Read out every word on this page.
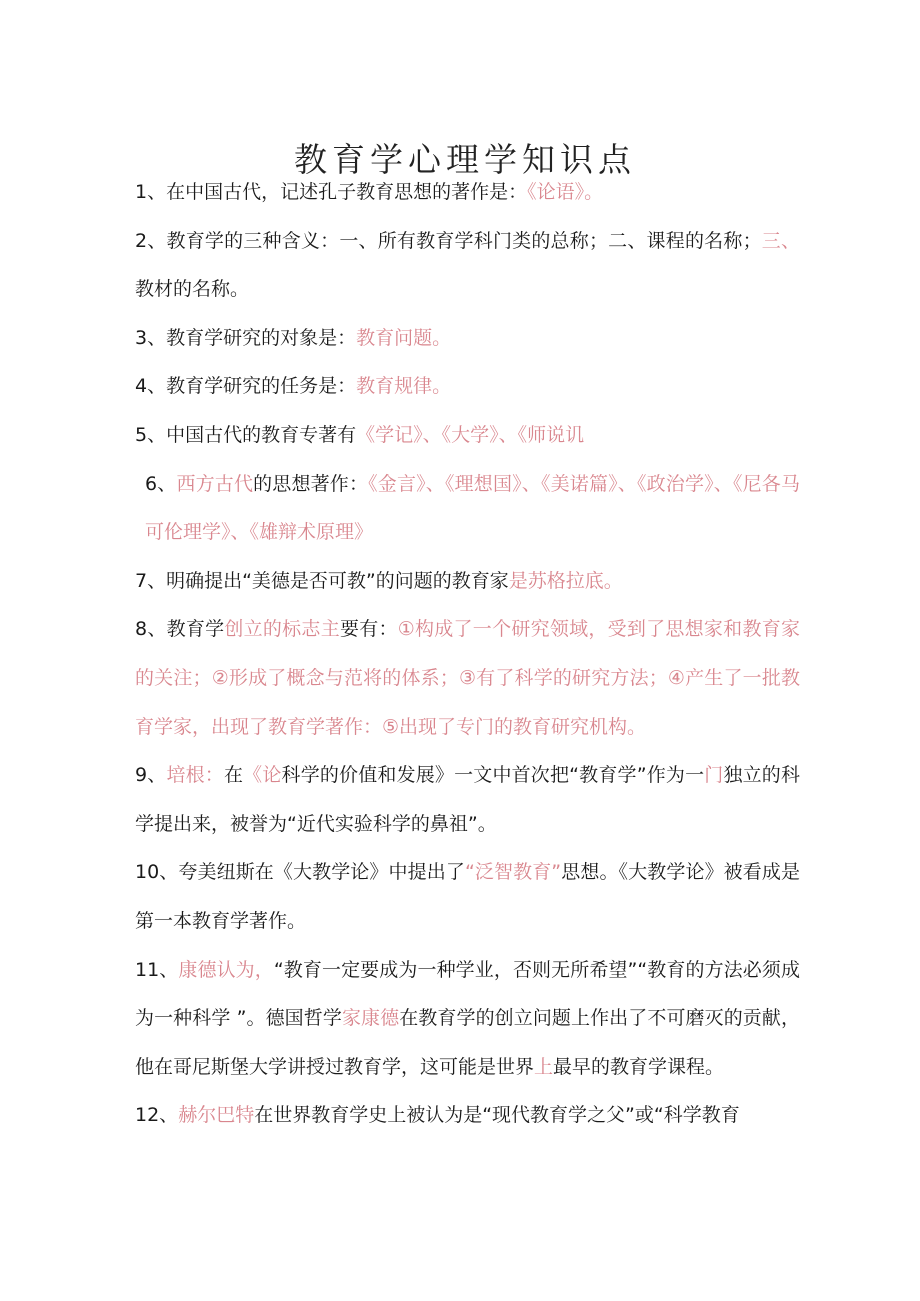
教育学心理学知识点

1、在中国古代，记述孔子教育思想的著作是：《论语》。

2、教育学的三种含义：一、所有教育学科门类的总称；二、课程的名称；三、教材的名称。

3、教育学研究的对象是：教育问题。

4、教育学研究的任务是：教育规律。

5、中国古代的教育专著有《学记》、《大学》、《师说讥

6、西方古代的思想著作：《金言》、《理想国》、《美诺篇》、《政治学》、《尼各马可伦理学》、《雄辩术原理》

7、明确提出“美德是否可教”的问题的教育家是苏格拉底。

8、教育学创立的标志主要有：①构成了一个研究领域，受到了思想家和教育家的关注；②形成了概念与范将的体系；③有了科学的研究方法；④产生了一批教育学家，出现了教育学著作：⑤出现了专门的教育研究机构。

9、培根：在《论科学的价值和发展》一文中首次把“教育学”作为一门独立的科学提出来，被誉为“近代实验科学的鼻祖”。

10、夸美纽斯在《大教学论》中提出了“泛智教育”思想。《大教学论》被看成是第一本教育学著作。

11、康德认为，“教育一定要成为一种学业，否则无所希望”“教育的方法必须成为一种科学 ”。德国哲学家康德在教育学的创立问题上作出了不可磨灭的贡献，他在哥尼斯堡大学讲授过教育学，这可能是世界上最早的教育学课程。

12、赫尔巴特在世界教育学史上被认为是“现代教育学之父”或“科学教育
